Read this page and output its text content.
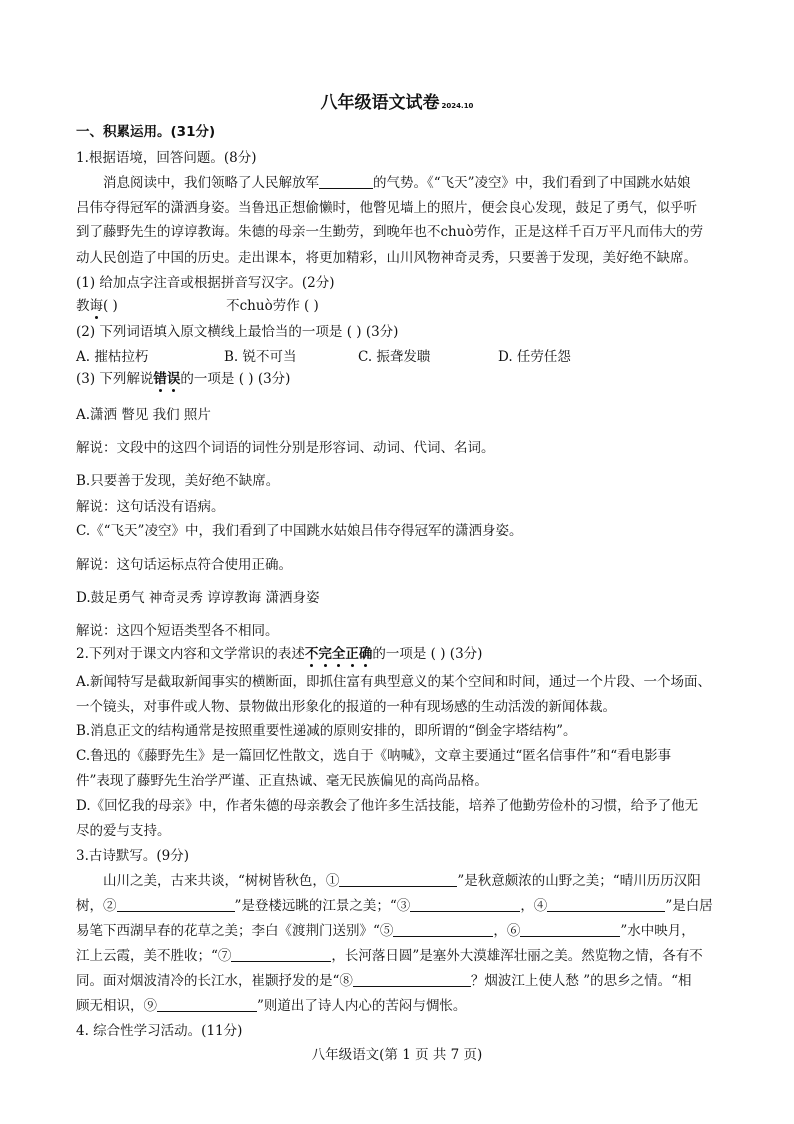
八年级语文试卷 2024.10
一、积累运用。(31分)
1.根据语境，回答问题。(8分)
消息阅读中，我们领略了人民解放军	的气势。《“飞天”凌空》中，我们看到了中国跳水姑娘
吕伟夺得冠军的潇洒身姿。当鲁迅正想偷懒时，他瞥见墙上的照片，便会良心发现，鼓足了勇气，似乎听
到了藤野先生的谆谆教诲。朱德的母亲一生勤劳，到晚年也不chuò劳作，正是这样千百万平凡而伟大的劳
动人民创造了中国的历史。走出课本，将更加精彩，山川风物神奇灵秀，只要善于发现，美好绝不缺席。
(1) 给加点字注音或根据拼音写汉字。(2分)
教诲( )	不chuò劳作 ( )
(2) 下列词语填入原文横线上最恰当的一项是 ( ) (3分)
A. 摧枯拉朽	B. 锐不可当	C. 振聋发聩	D. 任劳任怨
(3) 下列解说错误的一项是 ( ) (3分)
A.潇洒 瞥见 我们 照片
解说：文段中的这四个词语的词性分别是形容词、动词、代词、名词。
B.只要善于发现，美好绝不缺席。
解说：这句话没有语病。
C.《“飞天”凌空》中，我们看到了中国跳水姑娘吕伟夺得冠军的潇洒身姿。
解说：这句话运标点符合使用正确。
D.鼓足勇气 神奇灵秀 谆谆教诲 潇洒身姿
解说：这四个短语类型各不相同。
2.下列对于课文内容和文学常识的表述不完全正确的一项是 ( ) (3分)
A.新闻特写是截取新闻事实的横断面，即抓住富有典型意义的某个空间和时间，通过一个片段、一个场面、
一个镜头，对事件或人物、景物做出形象化的报道的一种有现场感的生动活泼的新闻体裁。
B.消息正文的结构通常是按照重要性递减的原则安排的，即所谓的“倒金字塔结构”。
C.鲁迅的《藤野先生》是一篇回忆性散文，选自于《呐喊》，文章主要通过“匿名信事件”和“看电影事
件”表现了藤野先生治学严谨、正直热诚、毫无民族偏见的高尚品格。
D.《回忆我的母亲》中，作者朱德的母亲教会了他许多生活技能，培养了他勤劳俭朴的习惯，给予了他无
尽的爱与支持。
3.古诗默写。(9分)
山川之美，古来共谈，“树树皆秋色，①	”是秋意颇浓的山野之美；“晴川历历汉阳
树，②	”是登楼远眺的江景之美；“③	，④	”是白居
易笔下西湖早春的花草之美；李白《渡荆门送别》“⑤	，⑥	”水中映月，
江上云霞，美不胜收；“⑦	，长河落日圆”是塞外大漠雄浑壮丽之美。然览物之情，各有不
同。面对烟波清冷的长江水，崔颢抒发的是“⑧	？烟波江上使人愁 ”的思乡之情。“相
顾无相识，⑨	”则道出了诗人内心的苦闷与惆怅。
4. 综合性学习活动。(11分)
八年级语文(第 1 页 共 7 页)
